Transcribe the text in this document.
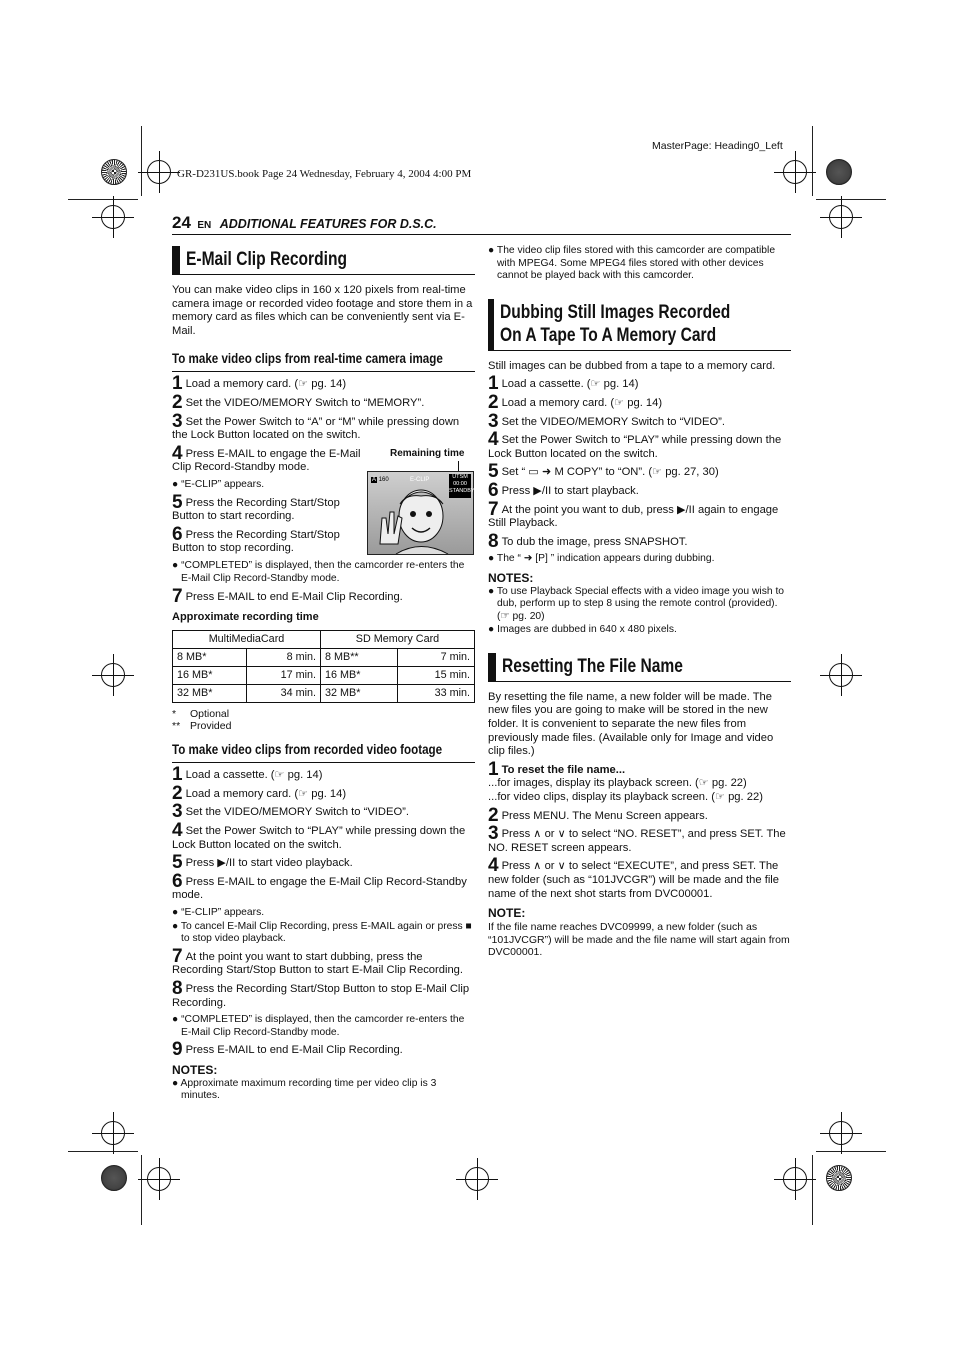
MasterPage: Heading0_Left
GR-D231US.book Page 24 Wednesday, February 4, 2004 4:00 PM
24 EN ADDITIONAL FEATURES FOR D.S.C.
E-Mail Clip Recording

You can make video clips in 160 x 120 pixels from real-time camera image or recorded video footage and store them in a memory card as files which can be conveniently sent via E-Mail.

To make video clips from real-time camera image
1 Load a memory card. (☞ pg. 14)
2 Set the VIDEO/MEMORY Switch to “MEMORY”.
3 Set the Power Switch to “A” or “M” while pressing down the Lock Button located on the switch.
4 Press E-MAIL to engage the E-Mail Clip Record-Standby mode.
● “E-CLIP” appears.
5 Press the Recording Start/Stop Button to start recording.
6 Press the Recording Start/Stop Button to stop recording.
Remaining time
A 160	E-CLIP	UTSM
00:00
STANDBY
● “COMPLETED” is displayed, then the camcorder re-enters the E-Mail Clip Record-Standby mode.
7 Press E-MAIL to end E-Mail Clip Recording.
Approximate recording time
MultiMediaCard		SD Memory Card	
8 MB*	8 min.	8 MB**	7 min.
16 MB*	17 min.	16 MB*	15 min.
32 MB*	34 min.	32 MB*	33 min.
* Optional
** Provided
To make video clips from recorded video footage
1 Load a cassette. (☞ pg. 14)
2 Load a memory card. (☞ pg. 14)
3 Set the VIDEO/MEMORY Switch to “VIDEO”.
4 Set the Power Switch to “PLAY” while pressing down the Lock Button located on the switch.
5 Press ▶/II to start video playback.
6 Press E-MAIL to engage the E-Mail Clip Record-Standby mode.
● “E-CLIP” appears.
● To cancel E-Mail Clip Recording, press E-MAIL again or press ■ to stop video playback.
7 At the point you want to start dubbing, press the Recording Start/Stop Button to start E-Mail Clip Recording.
8 Press the Recording Start/Stop Button to stop E-Mail Clip Recording.
● “COMPLETED” is displayed, then the camcorder re-enters the E-Mail Clip Record-Standby mode.
9 Press E-MAIL to end E-Mail Clip Recording.
NOTES:
● Approximate maximum recording time per video clip is 3 minutes.
● The video clip files stored with this camcorder are compatible with MPEG4. Some MPEG4 files stored with other devices cannot be played back with this camcorder.
Dubbing Still Images Recorded On A Tape To A Memory Card

Still images can be dubbed from a tape to a memory card.

1 Load a cassette. (☞ pg. 14)
2 Load a memory card. (☞ pg. 14)
3 Set the VIDEO/MEMORY Switch to “VIDEO”.
4 Set the Power Switch to “PLAY” while pressing down the Lock Button located on the switch.
5 Set “ ▭ ➜ M COPY” to “ON”. (☞ pg. 27, 30)
6 Press ▶/II to start playback.
7 At the point you want to dub, press ▶/II again to engage Still Playback.
8 To dub the image, press SNAPSHOT.
● The “ ➜ [P] ” indication appears during dubbing.
NOTES:
● To use Playback Special effects with a video image you wish to dub, perform up to step 8 using the remote control (provided). (☞ pg. 20)
● Images are dubbed in 640 x 480 pixels.
Resetting The File Name

By resetting the file name, a new folder will be made. The new files you are going to make will be stored in the new folder. It is convenient to separate the new files from previously made files. (Available only for Image and video clip files.)

1 To reset the file name...
...for images, display its playback screen. (☞ pg. 22)
...for video clips, display its playback screen. (☞ pg. 22)
2 Press MENU. The Menu Screen appears.
3 Press ∧ or ∨ to select “NO. RESET”, and press SET. The NO. RESET screen appears.
4 Press ∧ or ∨ to select “EXECUTE”, and press SET. The new folder (such as “101JVCGR”) will be made and the file name of the next shot starts from DVC00001.
NOTE:
If the file name reaches DVC09999, a new folder (such as “101JVCGR”) will be made and the file name will start again from DVC00001.
